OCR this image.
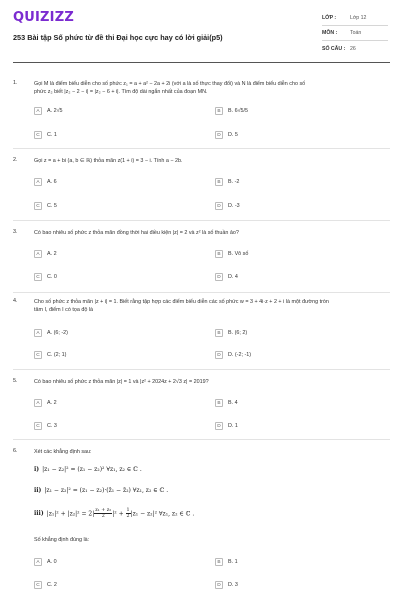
QUIZIZZ
253 Bài tập Số phức từ đề thi Đại học cực hay có lời giải(p5)
LỚP :	Lớp 12
MÔN :	Toán
SỐ CÂU : 26
1.	Gọi M là điểm biểu diễn cho số phức z₁ = a + a² − 2a + 2i (với a là số thực thay đổi) và N là điểm biểu diễn cho số
phức z₂ biết |z₂ − 2 − i| = |z₂ − 6 + i|. Tìm độ dài ngắn nhất của đoạn MN.
A	A. 2√5	B	B. 6√5/5
C	C. 1	D	D. 5
2.	Gọi z = a + bi (a, b ∈ ℝ) thỏa mãn z(1 + i) = 3 − i. Tính a − 2b.
A	A. 6	B	B. -2
C	C. 5	D	D. -3
3.	Có bao nhiêu số phức z thỏa mãn đồng thời hai điều kiện |z| = 2 và z² là số thuần ảo?
A	A. 2	B	B. Vô số
C	C. 0	D	D. 4
4.	Cho số phức z thỏa mãn |z + i| = 1. Biết rằng tập hợp các điểm biểu diễn các số phức w = 3 + 4i·z + 2 + i là một đường tròn
tâm I, điểm I có tọa độ là
A	A. (6; -2)	B	B. (6; 2)
C	C. (2; 1)	D	D. (-2; -1)
5.	Có bao nhiêu số phức z thỏa mãn |z| = 1 và |z² + 2024z + 2√3 z| = 2019?
A	A. 2	B	B. 4
C	C. 3	D	D. 1
6.	Xét các khẳng định sau:
i) |z₁ − z₂|² = (z₁ − z₂)² ∀z₁, z₂ ∈ ℂ .
ii) |z₁ − z₂|² = (z₁ − z₂)·(z̄₁ − z̄₂) ∀z₁, z₂ ∈ ℂ .
iii) $|z_1|^2 + |z_2|^2 = 2| \frac{\text{z₁ + z₂}}{2} |^2 + \frac{1}{2} |z_1 - z_2|^2$ ∀z₁, z₂ ∈ ℂ .
Số khẳng định đúng là:
A	A. 0	B	B. 1
C	C. 2	D	D. 3
